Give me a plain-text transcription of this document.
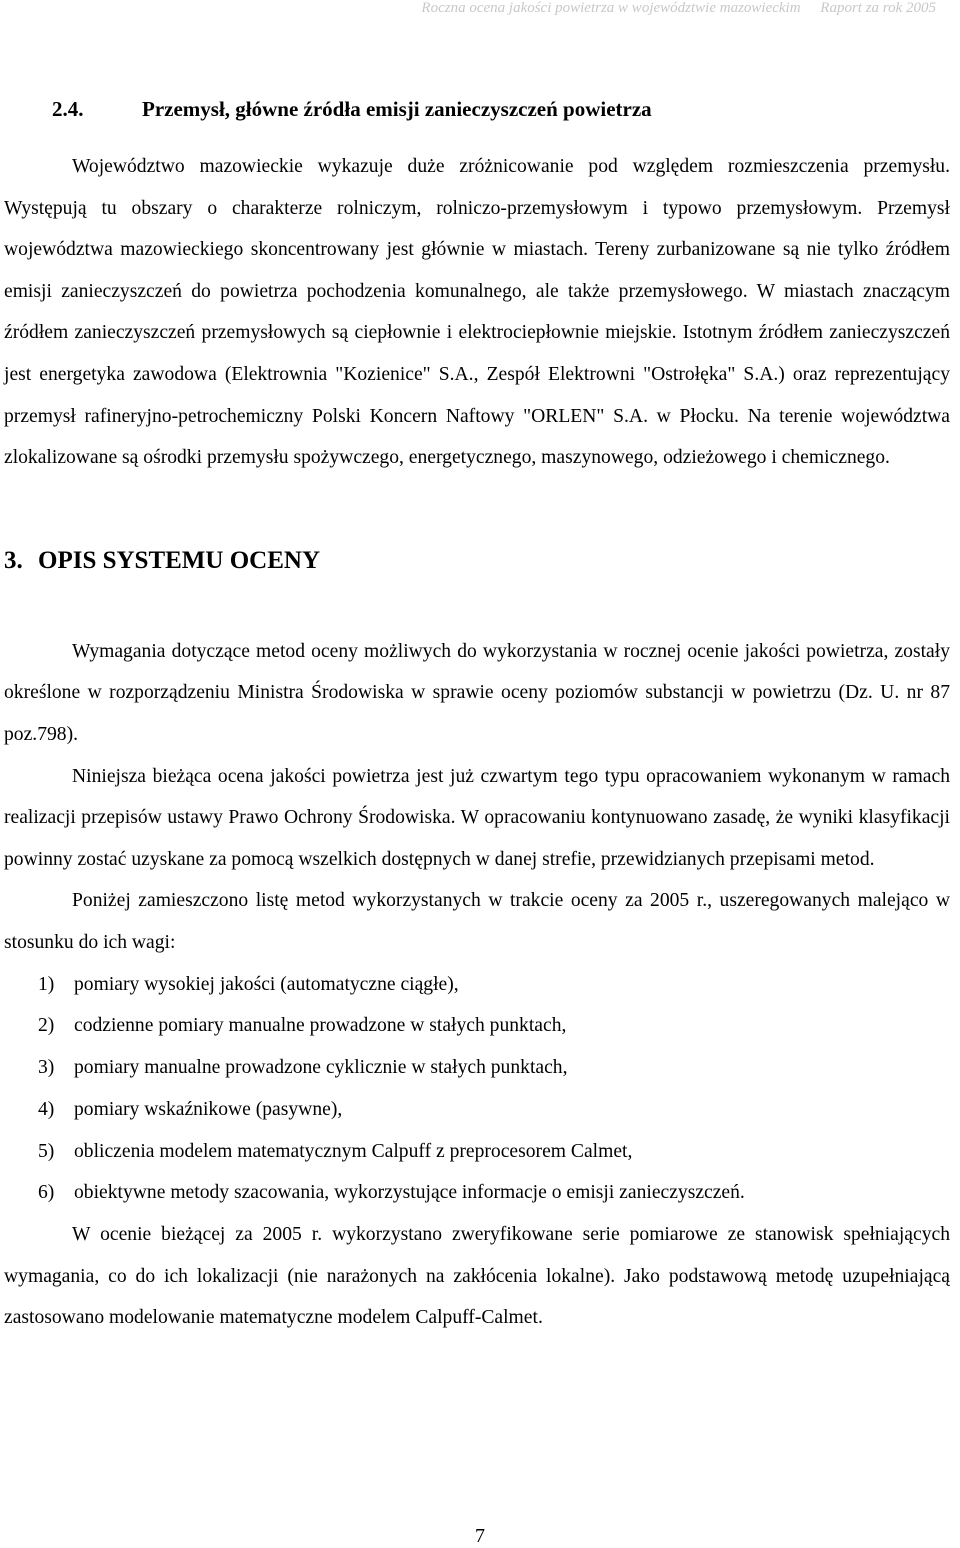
Roczna ocena jakości powietrza w województwie mazowieckim Raport za rok 2005
2.4.	Przemysł, główne źródła emisji zanieczyszczeń powietrza

Województwo mazowieckie wykazuje duże zróżnicowanie pod względem rozmieszczenia przemysłu. Występują tu obszary o charakterze rolniczym, rolniczo-przemysłowym i typowo przemysłowym. Przemysł województwa mazowieckiego skoncentrowany jest głównie w miastach. Tereny zurbanizowane są nie tylko źródłem emisji zanieczyszczeń do powietrza pochodzenia komunalnego, ale także przemysłowego. W miastach znaczącym źródłem zanieczyszczeń przemysłowych są ciepłownie i elektrociepłownie miejskie. Istotnym źródłem zanieczyszczeń jest energetyka zawodowa (Elektrownia "Kozienice" S.A., Zespół Elektrowni "Ostrołęka" S.A.) oraz reprezentujący przemysł rafineryjno-petrochemiczny Polski Koncern Naftowy "ORLEN" S.A. w Płocku. Na terenie województwa zlokalizowane są ośrodki przemysłu spożywczego, energetycznego, maszynowego, odzieżowego i chemicznego.

3. OPIS SYSTEMU OCENY

Wymagania dotyczące metod oceny możliwych do wykorzystania w rocznej ocenie jakości powietrza, zostały określone w rozporządzeniu Ministra Środowiska w sprawie oceny poziomów substancji w powietrzu (Dz. U. nr 87 poz.798).

Niniejsza bieżąca ocena jakości powietrza jest już czwartym tego typu opracowaniem wykonanym w ramach realizacji przepisów ustawy Prawo Ochrony Środowiska. W opracowaniu kontynuowano zasadę, że wyniki klasyfikacji powinny zostać uzyskane za pomocą wszelkich dostępnych w danej strefie, przewidzianych przepisami metod.

Poniżej zamieszczono listę metod wykorzystanych w trakcie oceny za 2005 r., uszeregowanych malejąco w stosunku do ich wagi:

1) pomiary wysokiej jakości (automatyczne ciągłe),
2) codzienne pomiary manualne prowadzone w stałych punktach,
3) pomiary manualne prowadzone cyklicznie w stałych punktach,
4) pomiary wskaźnikowe (pasywne),
5) obliczenia modelem matematycznym Calpuff z preprocesorem Calmet,
6) obiektywne metody szacowania, wykorzystujące informacje o emisji zanieczyszczeń.

W ocenie bieżącej za 2005 r. wykorzystano zweryfikowane serie pomiarowe ze stanowisk spełniających wymagania, co do ich lokalizacji (nie narażonych na zakłócenia lokalne). Jako podstawową metodę uzupełniającą zastosowano modelowanie matematyczne modelem Calpuff-Calmet.

7
